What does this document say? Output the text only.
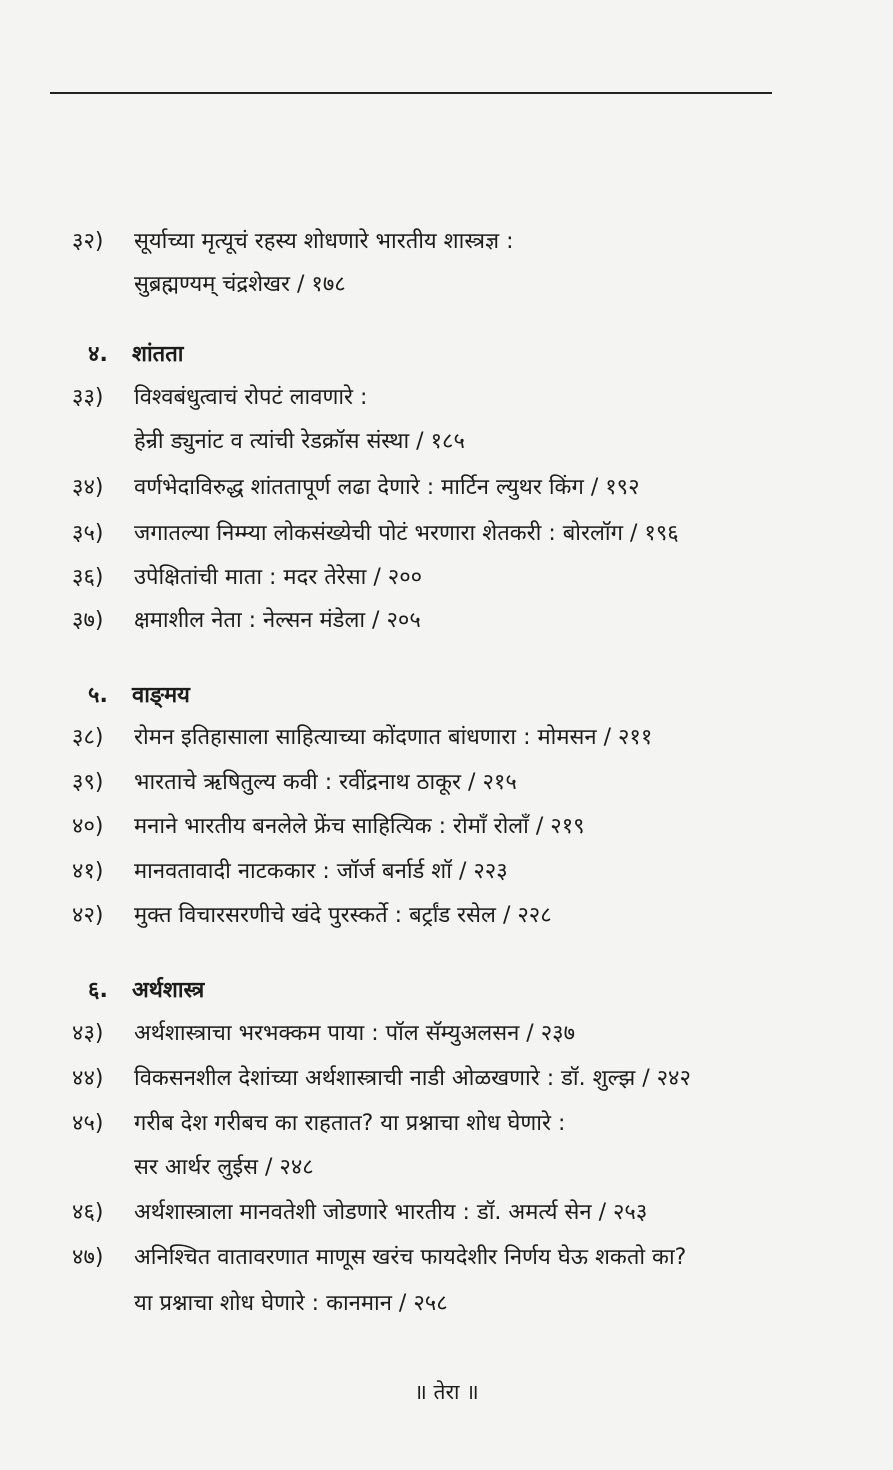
३२) सूर्याच्या मृत्यूचं रहस्य शोधणारे भारतीय शास्त्रज्ञ :
सुब्रह्मण्यम् चंद्रशेखर / १७८
४. शांतता
३३) विश्वबंधुत्वाचं रोपटं लावणारे :
हेन्री ड्युनांट व त्यांची रेडक्रॉस संस्था / १८५
३४) वर्णभेदाविरुद्ध शांततापूर्ण लढा देणारे : मार्टिन ल्युथर किंग / १९२
३५) जगातल्या निम्म्या लोकसंख्येची पोटं भरणारा शेतकरी : बोरलॉग / १९६
३६) उपेक्षितांची माता : मदर तेरेसा / २००
३७) क्षमाशील नेता : नेल्सन मंडेला / २०५
५. वाङ्‌मय
३८) रोमन इतिहासाला साहित्याच्या कोंदणात बांधणारा : मोमसन / २११
३९) भारताचे ऋषितुल्य कवी : रवींद्रनाथ ठाकूर / २१५
४०) मनाने भारतीय बनलेले फ्रेंच साहित्यिक : रोमाँ रोलाँ / २१९
४१) मानवतावादी नाटककार : जॉर्ज बर्नार्ड शॉ / २२३
४२) मुक्त विचारसरणीचे खंदे पुरस्कर्ते : बर्ट्रांड रसेल / २२८
६. अर्थशास्त्र
४३) अर्थशास्त्राचा भरभक्कम पाया : पॉल सॅम्युअलसन / २३७
४४) विकसनशील देशांच्या अर्थशास्त्राची नाडी ओळखणारे : डॉ. शुल्झ / २४२
४५) गरीब देश गरीबच का राहतात? या प्रश्नाचा शोध घेणारे :
सर आर्थर लुईस / २४८
४६) अर्थशास्त्राला मानवतेशी जोडणारे भारतीय : डॉ. अमर्त्य सेन / २५३
४७) अनिश्चित वातावरणात माणूस खरंच फायदेशीर निर्णय घेऊ शकतो का?
या प्रश्नाचा शोध घेणारे : कानमान / २५८
॥ तेरा ॥
